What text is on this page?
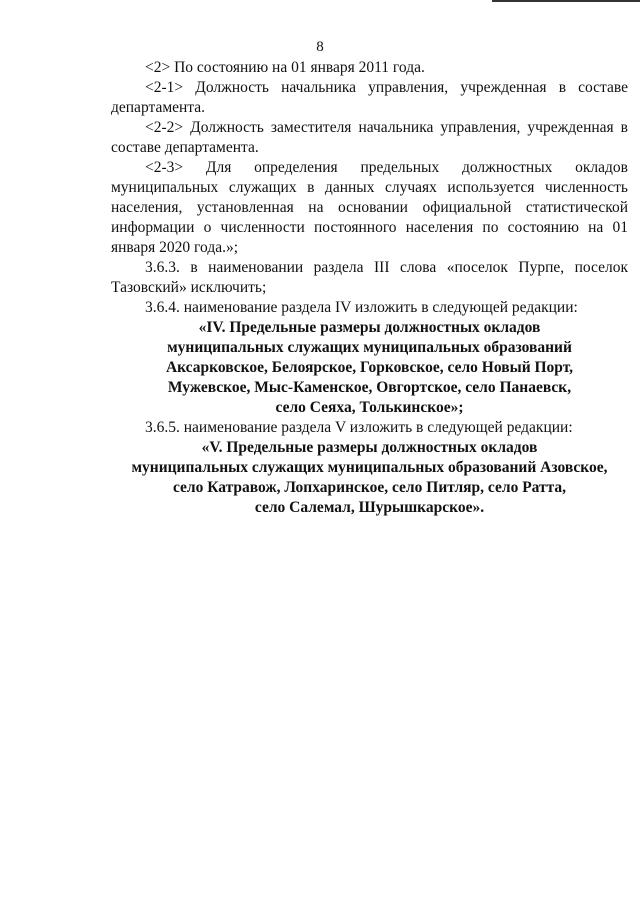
8

<2> По состоянию на 01 января 2011 года.

<2-1> Должность начальника управления, учрежденная в составе департамента.

<2-2> Должность заместителя начальника управления, учрежденная в составе департамента.

<2-3> Для определения предельных должностных окладов муниципальных служащих в данных случаях используется численность населения, установленная на основании официальной статистической информации о численности постоянного населения по состоянию на 01 января 2020 года.»;

3.6.3. в наименовании раздела III слова «поселок Пурпе, поселок Тазовский» исключить;

3.6.4. наименование раздела IV изложить в следующей редакции:

«IV. Предельные размеры должностных окладов

муниципальных служащих муниципальных образований

Аксарковское, Белоярское, Горковское, село Новый Порт,

Мужевское, Мыс-Каменское, Овгортское, село Панаевск,

село Сеяха, Толькинское»;

3.6.5. наименование раздела V изложить в следующей редакции:

«V. Предельные размеры должностных окладов

муниципальных служащих муниципальных образований Азовское,

село Катравож, Лопхаринское, село Питляр, село Ратта,

село Салемал, Шурышкарское».
